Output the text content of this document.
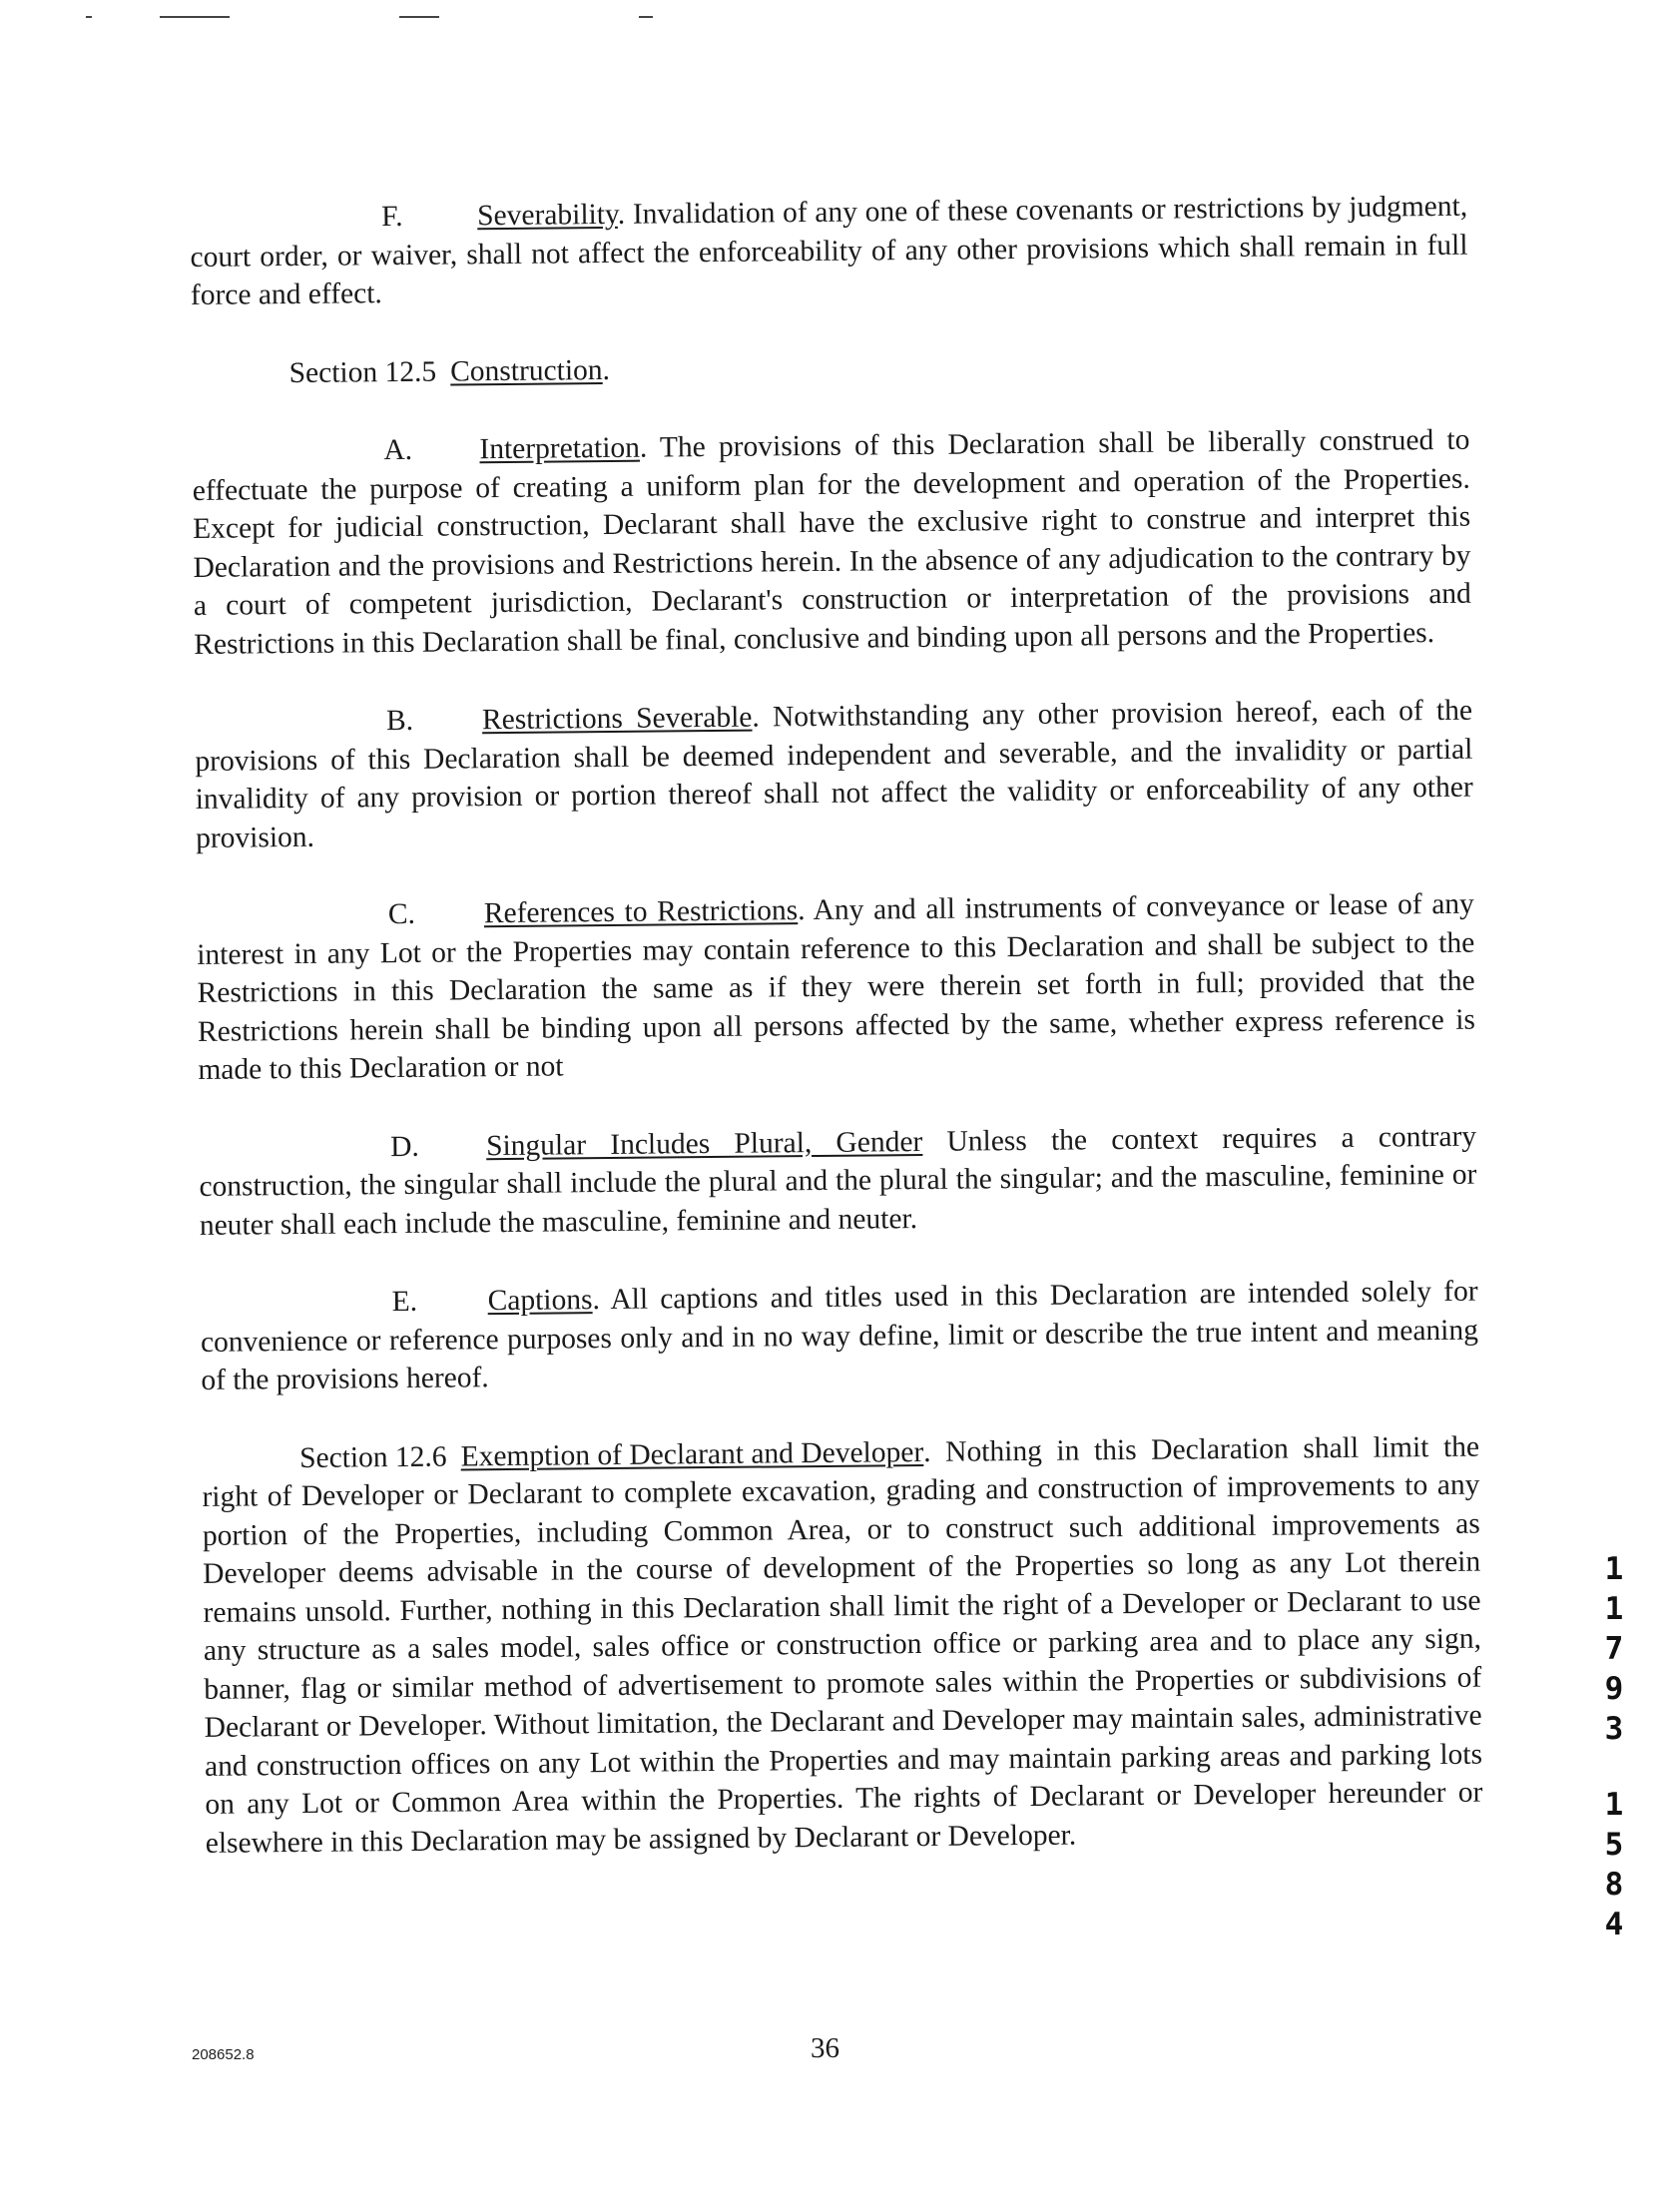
F.	Severability. Invalidation of any one of these covenants or restrictions by judgment, court order, or waiver, shall not affect the enforceability of any other provisions which shall remain in full force and effect.

Section 12.5 Construction.

A. Interpretation. The provisions of this Declaration shall be liberally construed to effectuate the purpose of creating a uniform plan for the development and operation of the Properties. Except for judicial construction, Declarant shall have the exclusive right to construe and interpret this Declaration and the provisions and Restrictions herein. In the absence of any adjudication to the contrary by a court of competent jurisdiction, Declarant's construction or interpretation of the provisions and Restrictions in this Declaration shall be final, conclusive and binding upon all persons and the Properties.

B. Restrictions Severable. Notwithstanding any other provision hereof, each of the provisions of this Declaration shall be deemed independent and severable, and the invalidity or partial invalidity of any provision or portion thereof shall not affect the validity or enforceability of any other provision.

C. References to Restrictions. Any and all instruments of conveyance or lease of any interest in any Lot or the Properties may contain reference to this Declaration and shall be subject to the Restrictions in this Declaration the same as if they were therein set forth in full; provided that the Restrictions herein shall be binding upon all persons affected by the same, whether express reference is made to this Declaration or not

D. Singular Includes Plural, Gender Unless the context requires a contrary construction, the singular shall include the plural and the plural the singular; and the masculine, feminine or neuter shall each include the masculine, feminine and neuter.

E. Captions. All captions and titles used in this Declaration are intended solely for convenience or reference purposes only and in no way define, limit or describe the true intent and meaning of the provisions hereof.

Section 12.6 Exemption of Declarant and Developer. Nothing in this Declaration shall limit the right of Developer or Declarant to complete excavation, grading and construction of improvements to any portion of the Properties, including Common Area, or to construct such additional improvements as Developer deems advisable in the course of development of the Properties so long as any Lot therein remains unsold. Further, nothing in this Declaration shall limit the right of a Developer or Declarant to use any structure as a sales model, sales office or construction office or parking area and to place any sign, banner, flag or similar method of advertisement to promote sales within the Properties or subdivisions of Declarant or Developer. Without limitation, the Declarant and Developer may maintain sales, administrative and construction offices on any Lot within the Properties and may maintain parking areas and parking lots on any Lot or Common Area within the Properties. The rights of Declarant or Developer hereunder or elsewhere in this Declaration may be assigned by Declarant or Developer.

1
1
7
9
3
1
5
8
4
208652.8	36
